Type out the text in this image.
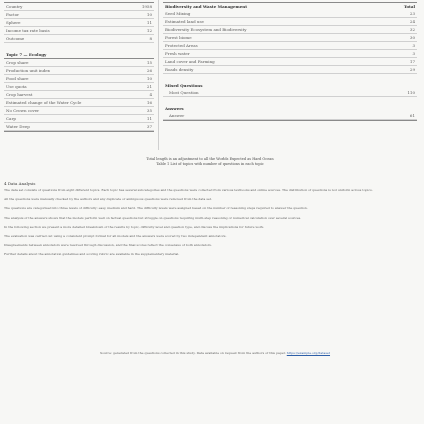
Country	1958
Factor	10
Sphere	11
Income tax rate basis	12
Outcome	8
Topic 7 — Ecology
Crop share	15
Production unit index	26
Food share	10
Use quota	21
Crop harvest	4
Estimated change of the Water Cycle	16
No Crown cover	35
Carp	11
Water Deep	37
Biodiversity and Waste Management	Total
Seed Mixing	23
Estimated land use	24
Biodiversity Ecosystem and Biodiversity	32
Forest biome	30
Protected Areas	3
Fresh water	3
Land cover and Farming	17
Roads density	29
Mixed Questions
Most Question	110
Answers
Answer	61
Total length is an adjustment to all the Worlds Expected as Hard Ocean
Table 1 List of topics with number of questions in each topic
4 Data Analysis

The data set consists of questions from eight different topics. Each topic has several subcategories and the questions were collected from various textbooks and online sources. The distribution of questions is not uniform across topics.

All the questions were manually checked by the authors and any duplicate or ambiguous questions were removed from the data set.

The questions are categorised into three levels of difficulty: easy, medium and hard. The difficulty levels were assigned based on the number of reasoning steps required to answer the question.

The analysis of the answers shows that the models perform well on factual questions but struggle on questions requiring multi-step reasoning or numerical calculation over several sources.

In the following section we present a more detailed breakdown of the results by topic, difficulty level and question type, and discuss the implications for future work.

The evaluation was carried out using a consistent prompt format for all models and the answers were scored by two independent annotators.

Disagreements between annotators were resolved through discussion, and the final scores reflect the consensus of both annotators.

Further details about the annotation guidelines and scoring rubric are available in the supplementary material.

Source: generated from the questions collected in this study. Data available on request from the authors of this paper. https://example.org/dataset
